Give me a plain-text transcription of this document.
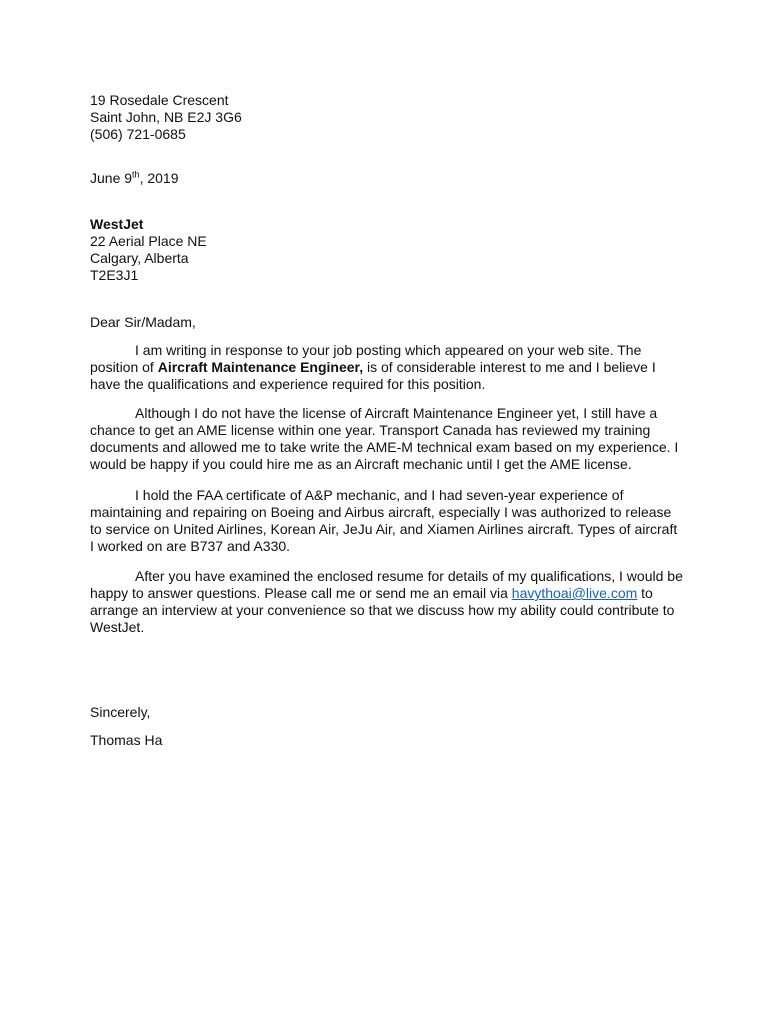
19 Rosedale Crescent
Saint John, NB E2J 3G6
(506) 721-0685
June 9th, 2019
WestJet
22 Aerial Place NE
Calgary, Alberta
T2E3J1
Dear Sir/Madam,
I am writing in response to your job posting which appeared on your web site. The
position of Aircraft Maintenance Engineer, is of considerable interest to me and I believe I
have the qualifications and experience required for this position.
Although I do not have the license of Aircraft Maintenance Engineer yet, I still have a
chance to get an AME license within one year. Transport Canada has reviewed my training
documents and allowed me to take write the AME-M technical exam based on my experience. I
would be happy if you could hire me as an Aircraft mechanic until I get the AME license.
I hold the FAA certificate of A&P mechanic, and I had seven-year experience of
maintaining and repairing on Boeing and Airbus aircraft, especially I was authorized to release
to service on United Airlines, Korean Air, JeJu Air, and Xiamen Airlines aircraft. Types of aircraft
I worked on are B737 and A330.
After you have examined the enclosed resume for details of my qualifications, I would be
happy to answer questions. Please call me or send me an email via havythoai@live.com to
arrange an interview at your convenience so that we discuss how my ability could contribute to
WestJet.
Sincerely,
Thomas Ha
